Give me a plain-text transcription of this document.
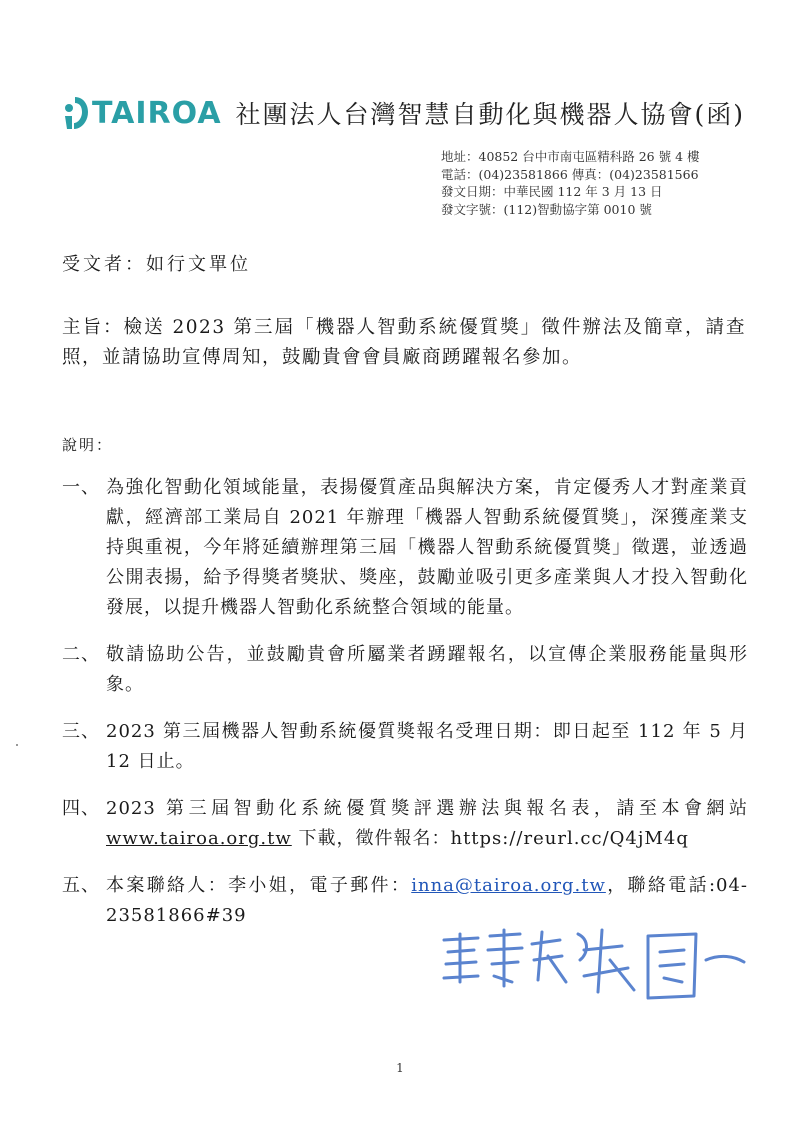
TAIROA 社團法人台灣智慧自動化與機器人協會(函)
地址：40852 台中市南屯區精科路 26 號 4 樓
電話：(04)23581866 傳真：(04)23581566
發文日期：中華民國 112 年 3 月 13 日
發文字號：(112)智動協字第 0010 號
受文者：如行文單位
主旨：檢送 2023 第三屆「機器人智動系統優質獎」徵件辦法及簡章，請查照，並請協助宣傳周知，鼓勵貴會會員廠商踴躍報名參加。
說明：
一、 為強化智動化領域能量，表揚優質產品與解決方案，肯定優秀人才對產業貢獻，經濟部工業局自 2021 年辦理「機器人智動系統優質獎」，深獲產業支持與重視，今年將延續辦理第三屆「機器人智動系統優質獎」徵選，並透過公開表揚，給予得獎者獎狀、獎座，鼓勵並吸引更多產業與人才投入智動化發展，以提升機器人智動化系統整合領域的能量。
二、 敬請協助公告，並鼓勵貴會所屬業者踴躍報名，以宣傳企業服務能量與形象。
三、 2023 第三屆機器人智動系統優質獎報名受理日期：即日起至 112 年 5 月 12 日止。
四、 2023 第三屆智動化系統優質獎評選辦法與報名表，請至本會網站 www.tairoa.org.tw 下載，徵件報名：https://reurl.cc/Q4jM4q
五、 本案聯絡人：李小姐，電子郵件：inna@tairoa.org.tw，聯絡電話:04-23581866#39
1
